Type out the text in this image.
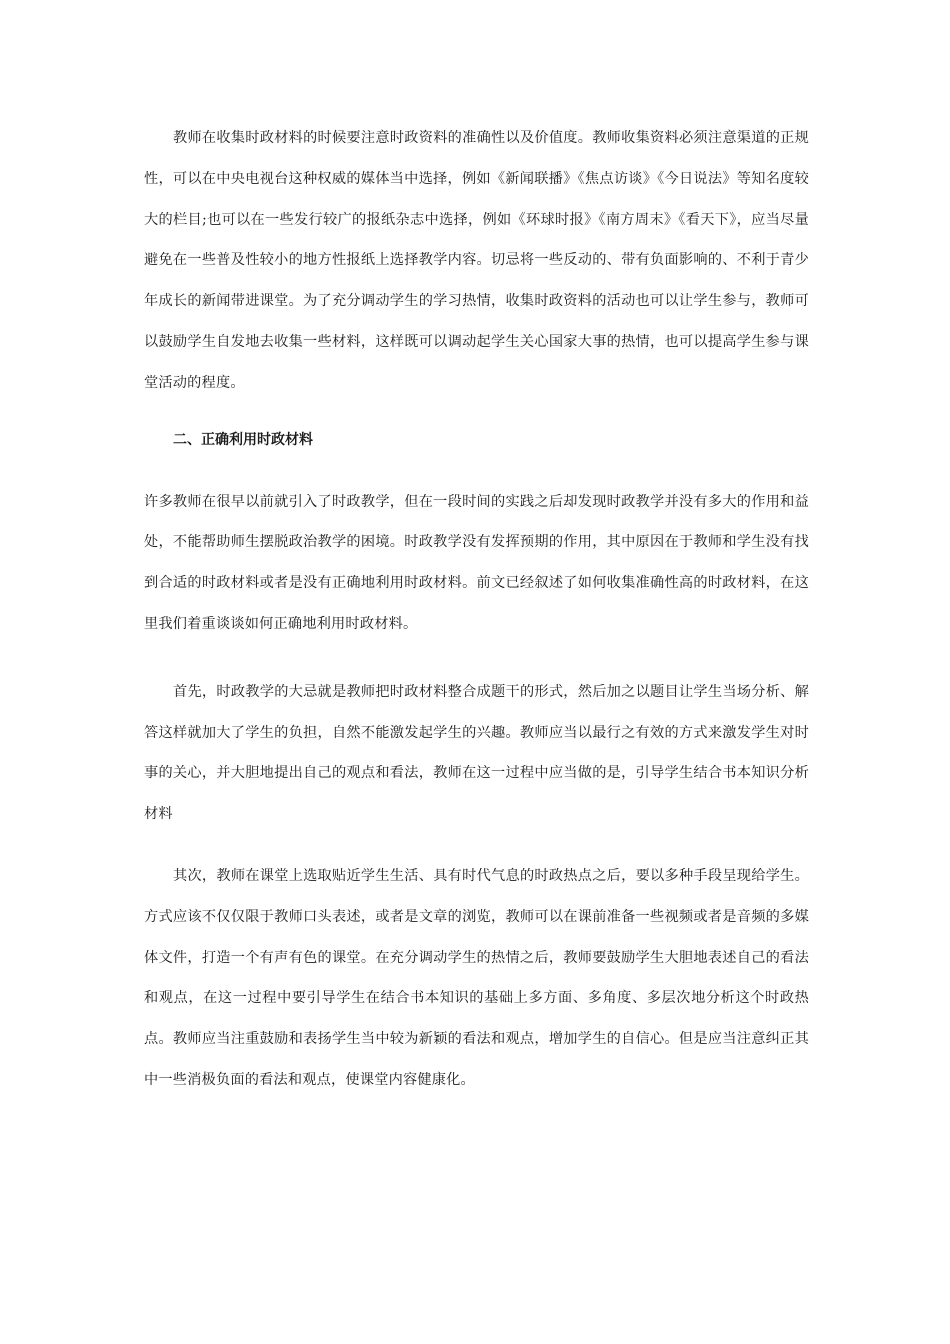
教师在收集时政材料的时候要注意时政资料的准确性以及价值度。教师收集资料必须注意渠道的正规性，可以在中央电视台这种权威的媒体当中选择，例如《新闻联播》《焦点访谈》《今日说法》等知名度较大的栏目;也可以在一些发行较广的报纸杂志中选择，例如《环球时报》《南方周末》《看天下》，应当尽量避免在一些普及性较小的地方性报纸上选择教学内容。切忌将一些反动的、带有负面影响的、不利于青少年成长的新闻带进课堂。为了充分调动学生的学习热情，收集时政资料的活动也可以让学生参与，教师可以鼓励学生自发地去收集一些材料，这样既可以调动起学生关心国家大事的热情，也可以提高学生参与课堂活动的程度。

二、正确利用时政材料

许多教师在很早以前就引入了时政教学，但在一段时间的实践之后却发现时政教学并没有多大的作用和益处，不能帮助师生摆脱政治教学的困境。时政教学没有发挥预期的作用，其中原因在于教师和学生没有找到合适的时政材料或者是没有正确地利用时政材料。前文已经叙述了如何收集准确性高的时政材料，在这里我们着重谈谈如何正确地利用时政材料。

首先，时政教学的大忌就是教师把时政材料整合成题干的形式，然后加之以题目让学生当场分析、解答这样就加大了学生的负担，自然不能激发起学生的兴趣。教师应当以最行之有效的方式来激发学生对时事的关心，并大胆地提出自己的观点和看法，教师在这一过程中应当做的是，引导学生结合书本知识分析材料

其次，教师在课堂上选取贴近学生生活、具有时代气息的时政热点之后，要以多种手段呈现给学生。方式应该不仅仅限于教师口头表述，或者是文章的浏览，教师可以在课前准备一些视频或者是音频的多媒体文件，打造一个有声有色的课堂。在充分调动学生的热情之后，教师要鼓励学生大胆地表述自己的看法和观点，在这一过程中要引导学生在结合书本知识的基础上多方面、多角度、多层次地分析这个时政热点。教师应当注重鼓励和表扬学生当中较为新颖的看法和观点，增加学生的自信心。但是应当注意纠正其中一些消极负面的看法和观点，使课堂内容健康化。
